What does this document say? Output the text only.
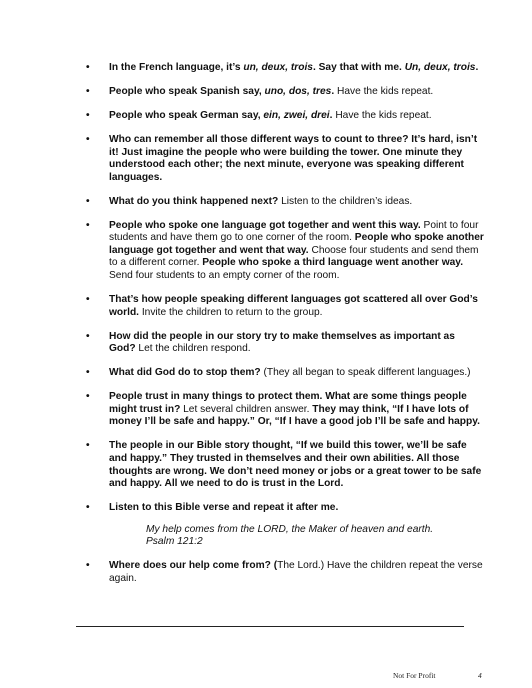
• In the French language, it’s un, deux, trois. Say that with me. Un, deux, trois.
• People who speak Spanish say, uno, dos, tres. Have the kids repeat.
• People who speak German say, ein, zwei, drei. Have the kids repeat.
• Who can remember all those different ways to count to three? It’s hard, isn’t it! Just imagine the people who were building the tower. One minute they understood each other; the next minute, everyone was speaking different languages.
• What do you think happened next? Listen to the children’s ideas.
• People who spoke one language got together and went this way. Point to four students and have them go to one corner of the room. People who spoke another language got together and went that way. Choose four students and send them to a different corner. People who spoke a third language went another way. Send four students to an empty corner of the room.
• That’s how people speaking different languages got scattered all over God’s world. Invite the children to return to the group.
• How did the people in our story try to make themselves as important as God? Let the children respond.
• What did God do to stop them? (They all began to speak different languages.)
• People trust in many things to protect them. What are some things people might trust in? Let several children answer. They may think, “If I have lots of money I’ll be safe and happy.” Or, “If I have a good job I’ll be safe and happy.
• The people in our Bible story thought, “If we build this tower, we’ll be safe and happy.” They trusted in themselves and their own abilities. All those thoughts are wrong. We don’t need money or jobs or a great tower to be safe and happy. All we need to do is trust in the Lord.
• Listen to this Bible verse and repeat it after me.
My help comes from the LORD, the Maker of heaven and earth.
Psalm 121:2
• Where does our help come from? (The Lord.) Have the children repeat the verse again.
Not For Profit	4
